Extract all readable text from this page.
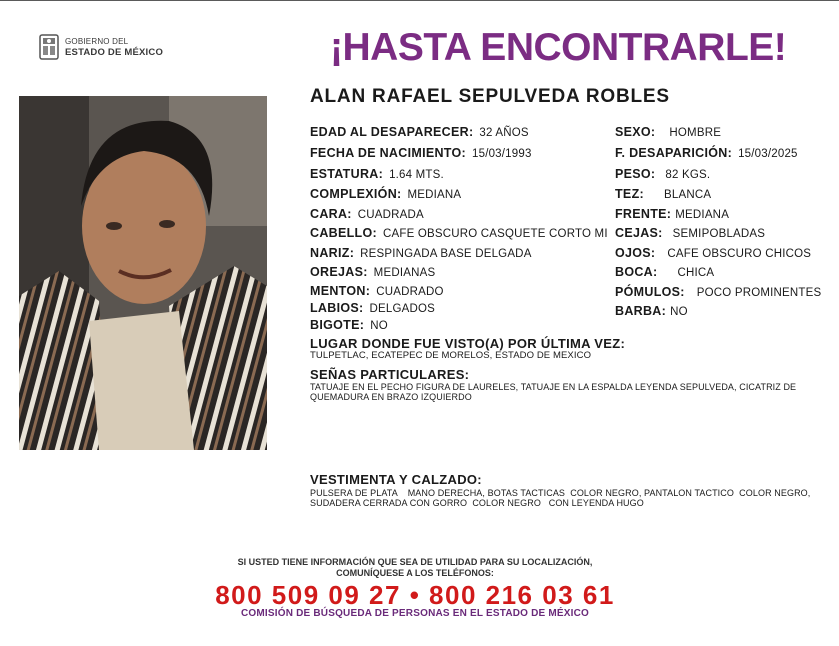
GOBIERNO DEL
ESTADO DE MÉXICO	¡HASTA ENCONTRARLE!
ALAN RAFAEL SEPULVEDA ROBLES
EDAD AL DESAPARECER: 32 AÑOS
FECHA DE NACIMIENTO: 15/03/1993
ESTATURA: 1.64 MTS.
COMPLEXIÓN: MEDIANA
CARA: CUADRADA
CABELLO: CAFE OBSCURO CASQUETE CORTO MI
NARIZ: RESPINGADA BASE DELGADA
OREJAS: MEDIANAS
MENTON: CUADRADO
LABIOS: DELGADOS
BIGOTE: NO
SEXO: HOMBRE
F. DESAPARICIÓN: 15/03/2025
PESO: 82 KGS.
TEZ: BLANCA
FRENTE: MEDIANA
CEJAS: SEMIPOBLADAS
OJOS: CAFE OBSCURO CHICOS
BOCA: CHICA
PÓMULOS: POCO PROMINENTES
BARBA: NO
LUGAR DONDE FUE VISTO(A) POR ÚLTIMA VEZ:
TULPETLAC, ECATEPEC DE MORELOS, ESTADO DE MEXICO
SEÑAS PARTICULARES:
TATUAJE EN EL PECHO FIGURA DE LAURELES, TATUAJE EN LA ESPALDA LEYENDA SEPULVEDA, CICATRIZ DE
QUEMADURA EN BRAZO IZQUIERDO
VESTIMENTA Y CALZADO:
PULSERA DE PLATA    MANO DERECHA, BOTAS TACTICAS  COLOR NEGRO, PANTALON TACTICO  COLOR NEGRO,
SUDADERA CERRADA CON GORRO  COLOR NEGRO   CON LEYENDA HUGO
SI USTED TIENE INFORMACIÓN QUE SEA DE UTILIDAD PARA SU LOCALIZACIÓN,
COMUNÍQUESE A LOS TELÉFONOS:
800 509 09 27 • 800 216 03 61
COMISIÓN DE BÚSQUEDA DE PERSONAS EN EL ESTADO DE MÉXICO
